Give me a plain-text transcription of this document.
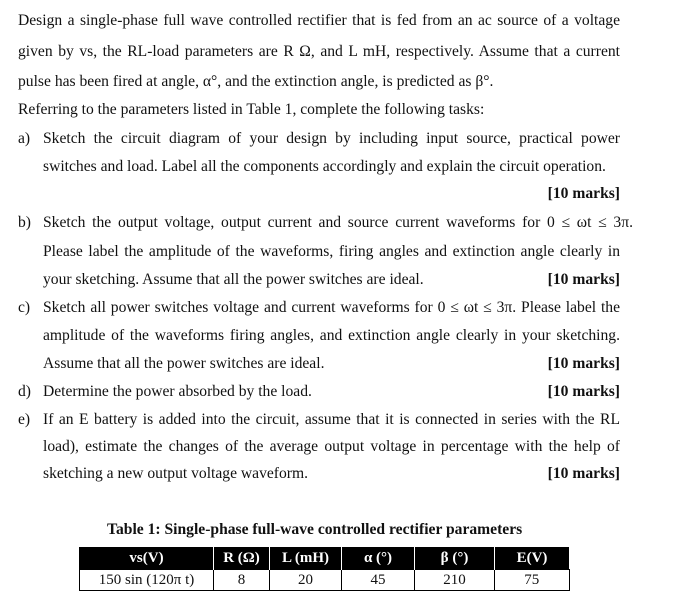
Design a single-phase full wave controlled rectifier that is fed from an ac source of a voltage
given by vs, the RL-load parameters are R Ω, and L mH, respectively. Assume that a current
pulse has been fired at angle, α°, and the extinction angle, is predicted as β°.
Referring to the parameters listed in Table 1, complete the following tasks:
a) Sketch the circuit diagram of your design by including input source, practical power
switches and load. Label all the components accordingly and explain the circuit operation.
[10 marks]
b) Sketch the output voltage, output current and source current waveforms for 0 ≤ ωt ≤ 3π.
Please label the amplitude of the waveforms, firing angles and extinction angle clearly in
your sketching. Assume that all the power switches are ideal.	[10 marks]
c) Sketch all power switches voltage and current waveforms for 0 ≤ ωt ≤ 3π. Please label the
amplitude of the waveforms firing angles, and extinction angle clearly in your sketching.
Assume that all the power switches are ideal.	[10 marks]
d) Determine the power absorbed by the load.	[10 marks]
e) If an E battery is added into the circuit, assume that it is connected in series with the RL
load), estimate the changes of the average output voltage in percentage with the help of
sketching a new output voltage waveform.	[10 marks]
Table 1: Single-phase full-wave controlled rectifier parameters
vs(V)	R (Ω)	L (mH)	α (°)	β (°)	E(V)
150 sin (120π t)	8	20	45	210	75
